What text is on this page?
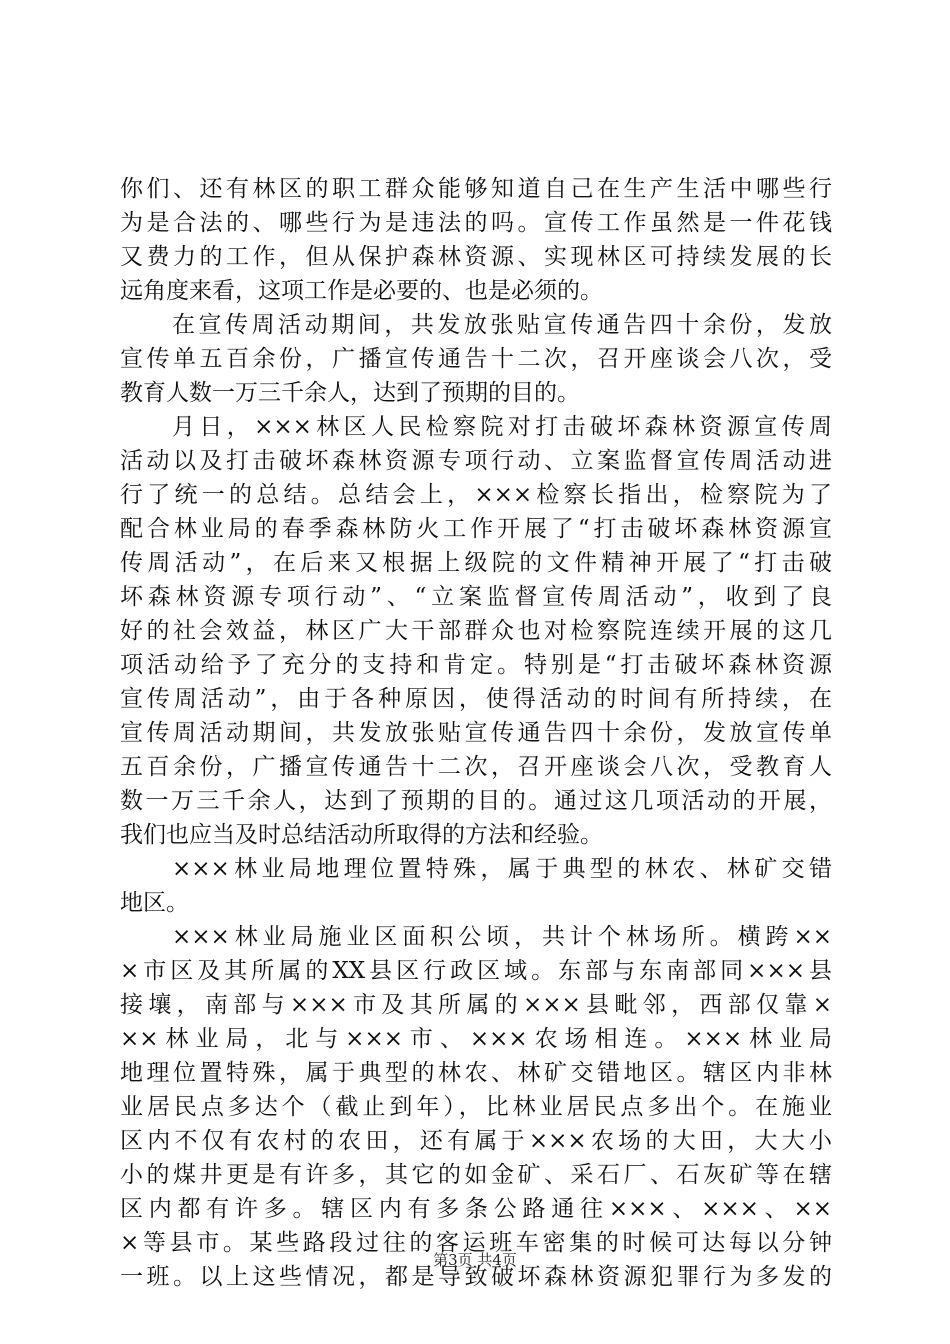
你们、还有林区的职工群众能够知道自己在生产生活中哪些行
为是合法的、哪些行为是违法的吗。宣传工作虽然是一件花钱
又费力的工作，但从保护森林资源、实现林区可持续发展的长
远角度来看，这项工作是必要的、也是必须的。
在宣传周活动期间，共发放张贴宣传通告四十余份，发放
宣传单五百余份，广播宣传通告十二次，召开座谈会八次，受
教育人数一万三千余人，达到了预期的目的。
月日，×××林区人民检察院对打击破坏森林资源宣传周
活动以及打击破坏森林资源专项行动、立案监督宣传周活动进
行了统一的总结。总结会上，×××检察长指出，检察院为了
配合林业局的春季森林防火工作开展了“打击破坏森林资源宣
传周活动”，在后来又根据上级院的文件精神开展了“打击破
坏森林资源专项行动”、“立案监督宣传周活动”，收到了良
好的社会效益，林区广大干部群众也对检察院连续开展的这几
项活动给予了充分的支持和肯定。特别是“打击破坏森林资源
宣传周活动”，由于各种原因，使得活动的时间有所持续，在
宣传周活动期间，共发放张贴宣传通告四十余份，发放宣传单
五百余份，广播宣传通告十二次，召开座谈会八次，受教育人
数一万三千余人，达到了预期的目的。通过这几项活动的开展，
我们也应当及时总结活动所取得的方法和经验。
×××林业局地理位置特殊，属于典型的林农、林矿交错
地区。
×××林业局施业区面积公顷，共计个林场所。横跨××
×市区及其所属的XX县区行政区域。东部与东南部同×××县
接壤，南部与×××市及其所属的×××县毗邻，西部仅靠×
××林业局，北与×××市、×××农场相连。×××林业局
地理位置特殊，属于典型的林农、林矿交错地区。辖区内非林
业居民点多达个（截止到年），比林业居民点多出个。在施业
区内不仅有农村的农田，还有属于×××农场的大田，大大小
小的煤井更是有许多，其它的如金矿、采石厂、石灰矿等在辖
区内都有许多。辖区内有多条公路通往×××、×××、××
×等县市。某些路段过往的客运班车密集的时候可达每以分钟
一班。以上这些情况，都是导致破坏森林资源犯罪行为多发的
第3页 共4页
